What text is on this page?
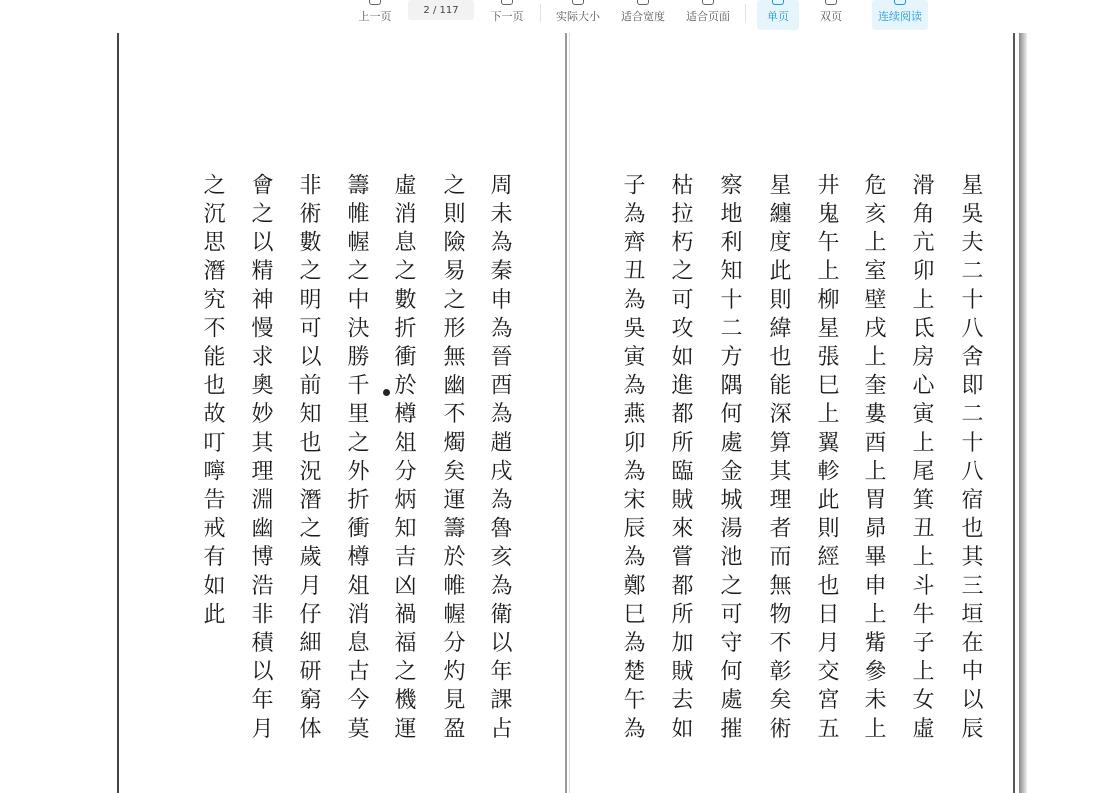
上一页	2
/
117	下一页	实际大小 适合宽度 适合页面	单页	双页	连续阅读
星吳夫二十八舍即二十八宿也其三垣在中以辰
滑角亢卯上氐房心寅上尾箕丑上斗牛子上女虛
危亥上室壁戌上奎婁酉上胃昴畢申上觜參未上
井鬼午上柳星張巳上翼軫此則經也日月交宮五
星纏度此則緯也能深算其理者而無物不彰矣術
察地利知十二方隅何處金城湯池之可守何處摧
枯拉朽之可攻如進都所臨賊來嘗都所加賊去如
子為齊丑為吳寅為燕卯為宋辰為鄭巳為楚午為
周未為秦申為晉酉為趙戌為魯亥為衛以年課占
之則險易之形無幽不燭矣運籌於帷幄分灼見盈
虛消息之數折衝於樽俎分炳知吉凶禍福之機運
籌帷幄之中決勝千里之外折衝樽俎消息古今莫
非術數之明可以前知也況潛之歲月仔細研窮体
會之以精神慢求奧妙其理淵幽博浩非積以年月
之沉思潛究不能也故叮嚀告戒有如此
